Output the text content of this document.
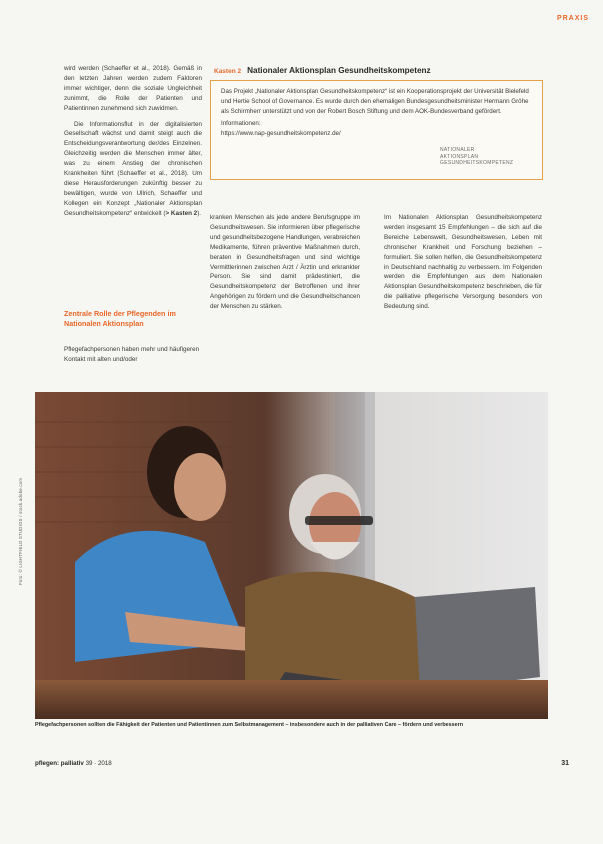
PRAXIS

wird werden (Schaeffer et al., 2018). Gemäß in den letzten Jahren werden zudem Faktoren immer wichtiger, denn die soziale Ungleichheit zunimmt, die Rolle der Patienten und Patientinnen zunehmend sich zuwidmen.

Die Informationsflut in der digitalisierten Gesellschaft wächst und damit steigt auch die Entscheidungsverantwortung der/des Einzelnen. Gleichzeitig werden die Menschen immer älter, was zu einem Anstieg der chronischen Krankheiten führt (Schaeffer et al., 2018). Um diese Herausforderungen zukünftig besser zu bewältigen, wurde von Ullrich, Schaeffer und Kollegen ein Konzept „Nationaler Aktionsplan Gesundheitskompetenz“ entwickelt (> Kasten 2).

Zentrale Rolle der Pflegenden im Nationalen Aktionsplan

Pflegefachpersonen haben mehr und häufigeren Kontakt mit alten und/oder

Kasten 2 Nationaler Aktionsplan Gesundheitskompetenz
Das Projekt „Nationaler Aktionsplan Gesundheitskompetenz“ ist ein Kooperationsprojekt der Universität Bielefeld und Hertie School of Governance. Es wurde durch den ehemaligen Bundesgesundheitsminister Hermann Gröhe als Schirmherr unterstützt und von der Robert Bosch Stiftung und dem AOK-Bundesverband gefördert.
Informationen:
https://www.nap-gesundheitskompetenz.de/
NATIONALER
AKTIONSPLAN
GESUNDHEITSKOMPETENZ

kranken Menschen als jede andere Berufsgruppe im Gesundheitswesen. Sie informieren über pflegerische und gesundheitsbezogene Handlungen, verabreichen Medikamente, führen präventive Maßnahmen durch, beraten in Gesundheitsfragen und sind wichtige Vermittlerinnen zwischen Arzt / Ärztin und erkrankter Person. Sie sind damit prädestiniert, die Gesundheitskompetenz der Betroffenen und ihrer Angehörigen zu fördern und die Gesundheitschancen der Menschen zu stärken.

Im Nationalen Aktionsplan Gesundheitskompetenz werden insgesamt 15 Empfehlungen – die sich auf die Bereiche Lebenswelt, Gesundheitswesen, Leben mit chronischer Krankheit und Forschung beziehen – formuliert. Sie sollen helfen, die Gesundheitskompetenz in Deutschland nachhaltig zu verbessern. Im Folgenden werden die Empfehlungen aus dem Nationalen Aktionsplan Gesundheitskompetenz beschrieben, die für die palliative pflegerische Versorgung besonders von Bedeutung sind.

Foto: © LIGHTFIELD STUDIOS / stock.adobe.com
Pflegefachpersonen sollten die Fähigkeit der Patienten und Patientinnen zum Selbstmanagement – insbesondere auch in der palliativen Care – fördern und verbessern
pflegen: palliativ 39 · 2018	31
